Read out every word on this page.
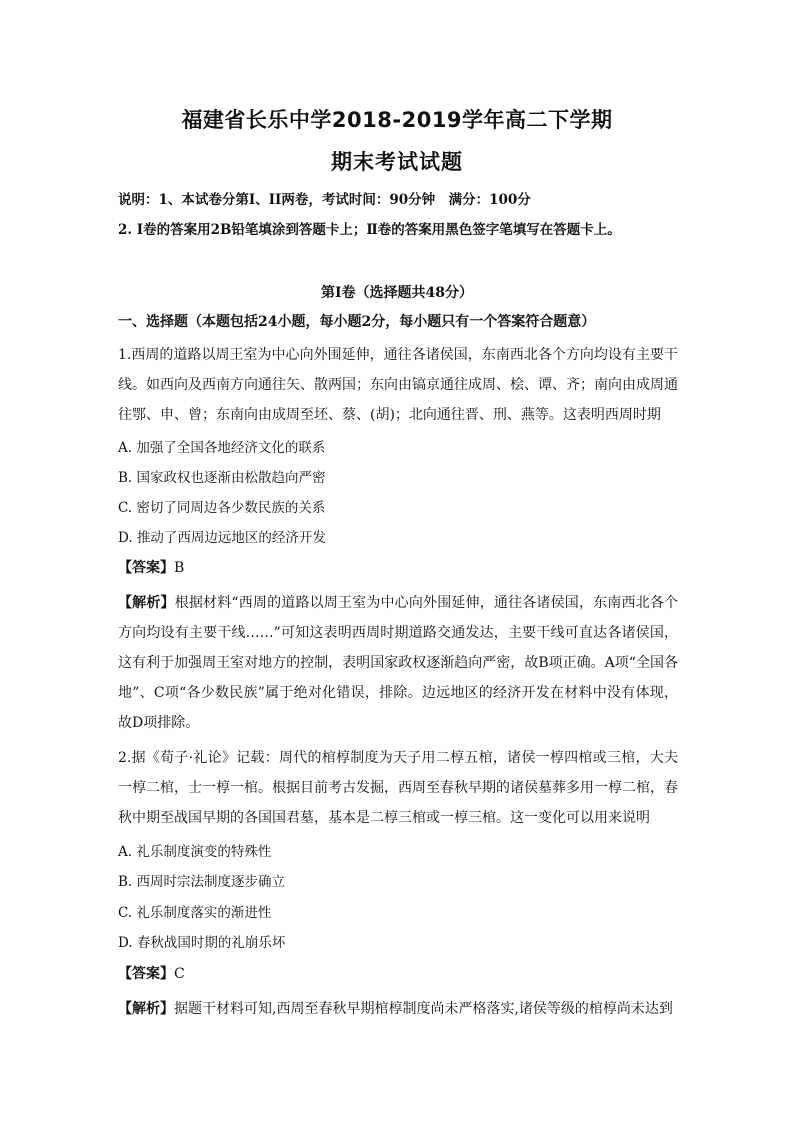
福建省长乐中学2018-2019学年高二下学期
期末考试试题
说明：1、本试卷分第I、II两卷，考试时间：90分钟　满分：100分
2. Ⅰ卷的答案用2B铅笔填涂到答题卡上；Ⅱ卷的答案用黑色签字笔填写在答题卡上。
第Ⅰ卷（选择题共48分）
一、选择题（本题包括24小题，每小题2分，每小题只有一个答案符合题意）
1.西周的道路以周王室为中心向外围延伸，通往各诸侯国，东南西北各个方向均设有主要干线。如西向及西南方向通往矢、散两国；东向由镐京通往成周、桧、谭、齐；南向由成周通往鄂、申、曾；东南向由成周至坯、蔡、(胡)；北向通往晋、刑、燕等。这表明西周时期
A. 加强了全国各地经济文化的联系
B. 国家政权也逐渐由松散趋向严密
C. 密切了同周边各少数民族的关系
D. 推动了西周边远地区的经济开发
【答案】B
【解析】根据材料“西周的道路以周王室为中心向外围延伸，通往各诸侯国，东南西北各个方向均设有主要干线……”可知这表明西周时期道路交通发达，主要干线可直达各诸侯国，这有利于加强周王室对地方的控制，表明国家政权逐渐趋向严密，故B项正确。A项“全国各地”、C项“各少数民族”属于绝对化错误，排除。边远地区的经济开发在材料中没有体现，故D项排除。
2.据《荀子·礼论》记载：周代的棺椁制度为天子用二椁五棺，诸侯一椁四棺或三棺，大夫一椁二棺，士一椁一棺。根据目前考古发掘，西周至春秋早期的诸侯墓葬多用一椁二棺，春秋中期至战国早期的各国国君墓，基本是二椁三棺或一椁三棺。这一变化可以用来说明
A. 礼乐制度演变的特殊性
B. 西周时宗法制度逐步确立
C. 礼乐制度落实的渐进性
D. 春秋战国时期的礼崩乐坏
【答案】C
【解析】据题干材料可知,西周至春秋早期棺椁制度尚未严格落实,诸侯等级的棺椁尚未达到
